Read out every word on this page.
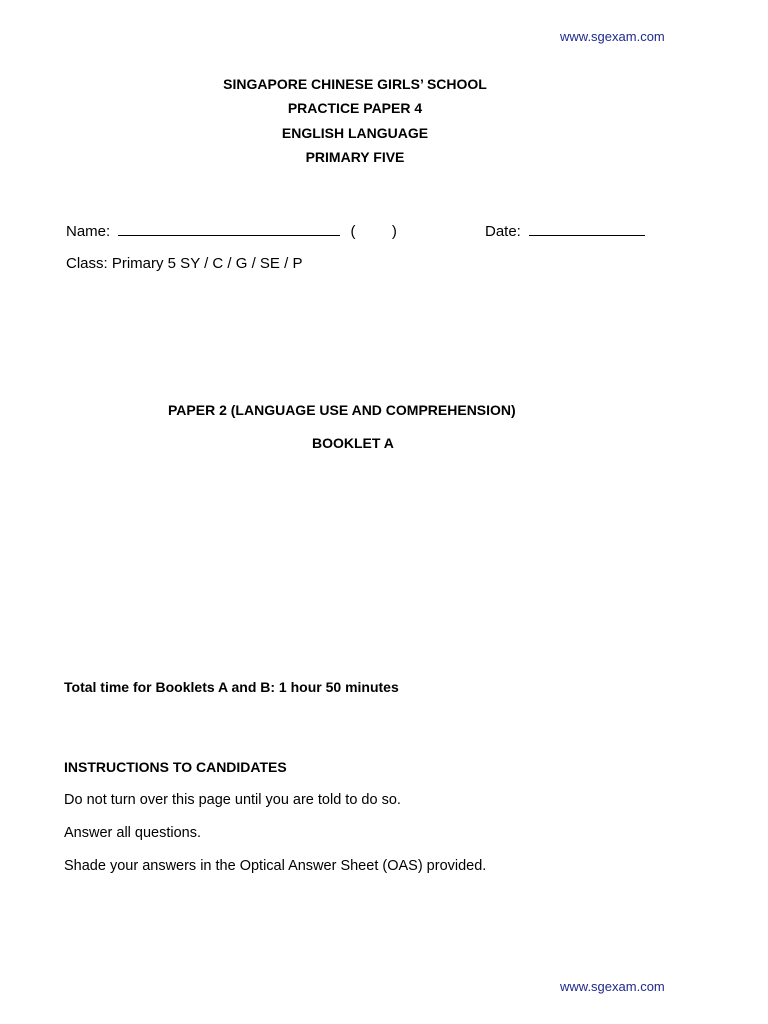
www.sgexam.com
SINGAPORE CHINESE GIRLS’ SCHOOL
PRACTICE PAPER 4
ENGLISH LANGUAGE
PRIMARY FIVE
Name:	( )	Date:
Class: Primary 5 SY / C / G / SE / P
PAPER 2 (LANGUAGE USE AND COMPREHENSION)
BOOKLET A
Total time for Booklets A and B: 1 hour 50 minutes
INSTRUCTIONS TO CANDIDATES
Do not turn over this page until you are told to do so.
Answer all questions.
Shade your answers in the Optical Answer Sheet (OAS) provided.
www.sgexam.com
